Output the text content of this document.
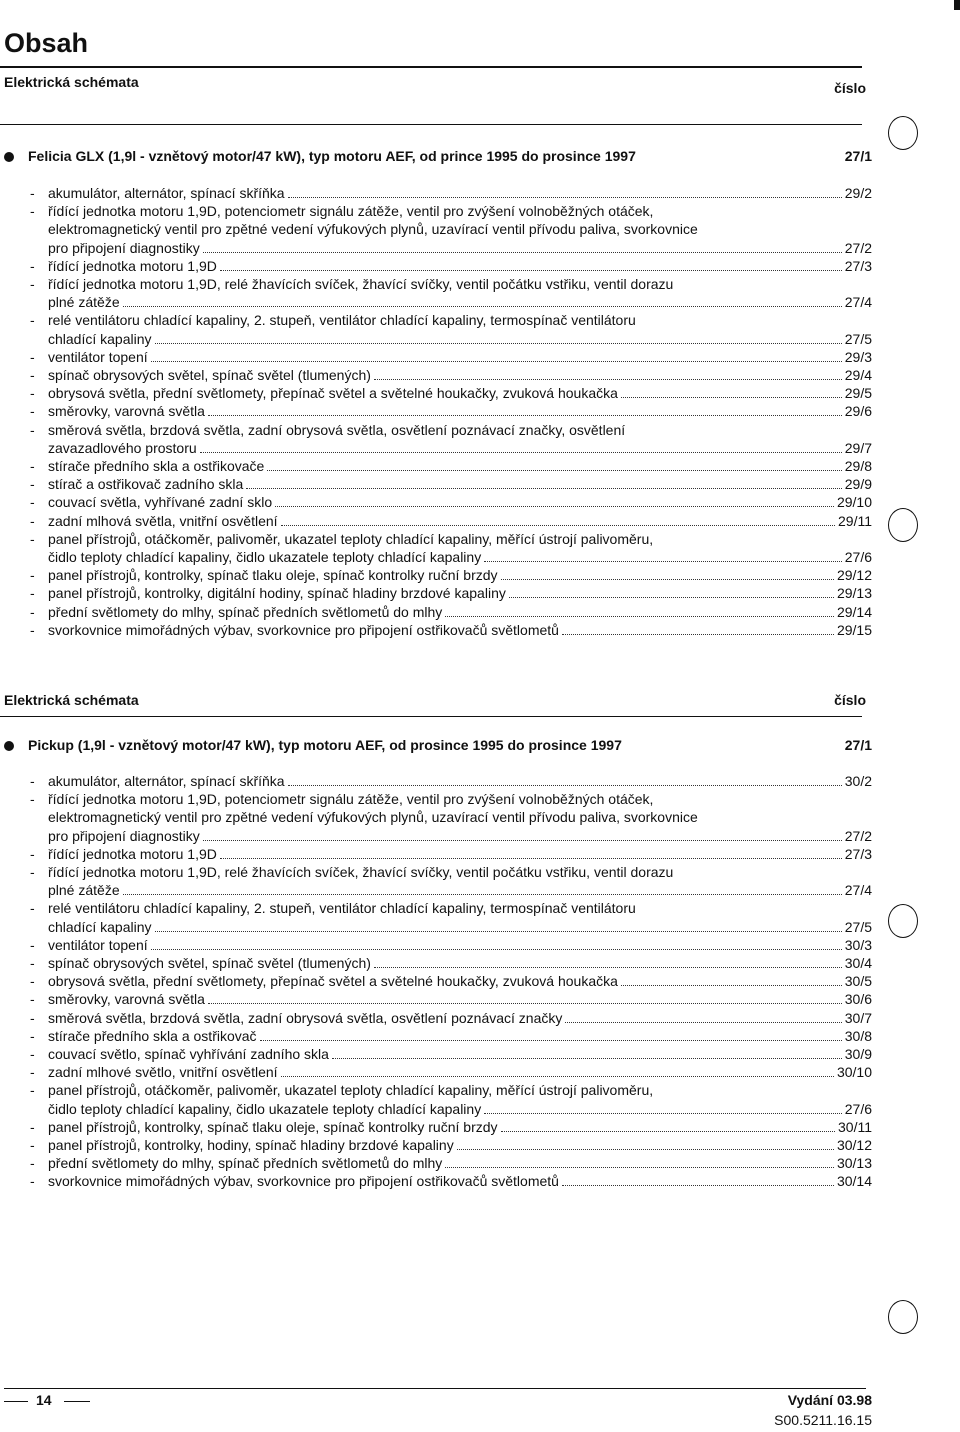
Obsah
Elektrická schémata	číslo
Felicia GLX (1,9l - vznětový motor/47 kW), typ motoru AEF, od prince 1995 do prosince 1997	27/1
- akumulátor, alternátor, spínací skříňka	29/2
- řídící jednotka motoru 1,9D, potenciometr signálu zátěže, ventil pro zvýšení volnoběžných otáček,
elektromagnetický ventil pro zpětné vedení výfukových plynů, uzavírací ventil přívodu paliva, svorkovnice
pro připojení diagnostiky	27/2
- řídící jednotka motoru 1,9D	27/3
- řídící jednotka motoru 1,9D, relé žhavících svíček, žhavící svíčky, ventil počátku vstřiku, ventil dorazu
plné zátěže	27/4
- relé ventilátoru chladící kapaliny, 2. stupeň, ventilátor chladící kapaliny, termospínač ventilátoru
chladící kapaliny	27/5
- ventilátor topení	29/3
- spínač obrysových světel, spínač světel (tlumených)	29/4
- obrysová světla, přední světlomety, přepínač světel a světelné houkačky, zvuková houkačka	29/5
- směrovky, varovná světla	29/6
- směrová světla, brzdová světla, zadní obrysová světla, osvětlení poznávací značky, osvětlení
zavazadlového prostoru	29/7
- stírače předního skla a ostřikovače	29/8
- stírač a ostřikovač zadního skla	29/9
- couvací světla, vyhřívané zadní sklo	29/10
- zadní mlhová světla, vnitřní osvětlení	29/11
- panel přístrojů, otáčkoměr, palivoměr, ukazatel teploty chladící kapaliny, měřící ústrojí palivoměru,
čidlo teploty chladící kapaliny, čidlo ukazatele teploty chladící kapaliny	27/6
- panel přístrojů, kontrolky, spínač tlaku oleje, spínač kontrolky ruční brzdy	29/12
- panel přístrojů, kontrolky, digitální hodiny, spínač hladiny brzdové kapaliny	29/13
- přední světlomety do mlhy, spínač předních světlometů do mlhy	29/14
- svorkovnice mimořádných výbav, svorkovnice pro připojení ostřikovačů světlometů	29/15
Elektrická schémata	číslo
Pickup (1,9l - vznětový motor/47 kW), typ motoru AEF, od prosince 1995 do prosince 1997	27/1
- akumulátor, alternátor, spínací skříňka	30/2
- řídící jednotka motoru 1,9D, potenciometr signálu zátěže, ventil pro zvýšení volnoběžných otáček,
elektromagnetický ventil pro zpětné vedení výfukových plynů, uzavírací ventil přívodu paliva, svorkovnice
pro připojení diagnostiky	27/2
- řídící jednotka motoru 1,9D	27/3
- řídící jednotka motoru 1,9D, relé žhavících svíček, žhavící svíčky, ventil počátku vstřiku, ventil dorazu
plné zátěže	27/4
- relé ventilátoru chladící kapaliny, 2. stupeň, ventilátor chladící kapaliny, termospínač ventilátoru
chladící kapaliny	27/5
- ventilátor topení	30/3
- spínač obrysových světel, spínač světel (tlumených)	30/4
- obrysová světla, přední světlomety, přepínač světel a světelné houkačky, zvuková houkačka	30/5
- směrovky, varovná světla	30/6
- směrová světla, brzdová světla, zadní obrysová světla, osvětlení poznávací značky	30/7
- stírače předního skla a ostřikovač	30/8
- couvací světlo, spínač vyhřívání zadního skla	30/9
- zadní mlhové světlo, vnitřní osvětlení	30/10
- panel přístrojů, otáčkoměr, palivoměr, ukazatel teploty chladící kapaliny, měřící ústrojí palivoměru,
čidlo teploty chladící kapaliny, čidlo ukazatele teploty chladící kapaliny	27/6
- panel přístrojů, kontrolky, spínač tlaku oleje, spínač kontrolky ruční brzdy	30/11
- panel přístrojů, kontrolky, hodiny, spínač hladiny brzdové kapaliny	30/12
- přední světlomety do mlhy, spínač předních světlometů do mlhy	30/13
- svorkovnice mimořádných výbav, svorkovnice pro připojení ostřikovačů světlometů	30/14
14	Vydání 03.98
S00.5211.16.15
